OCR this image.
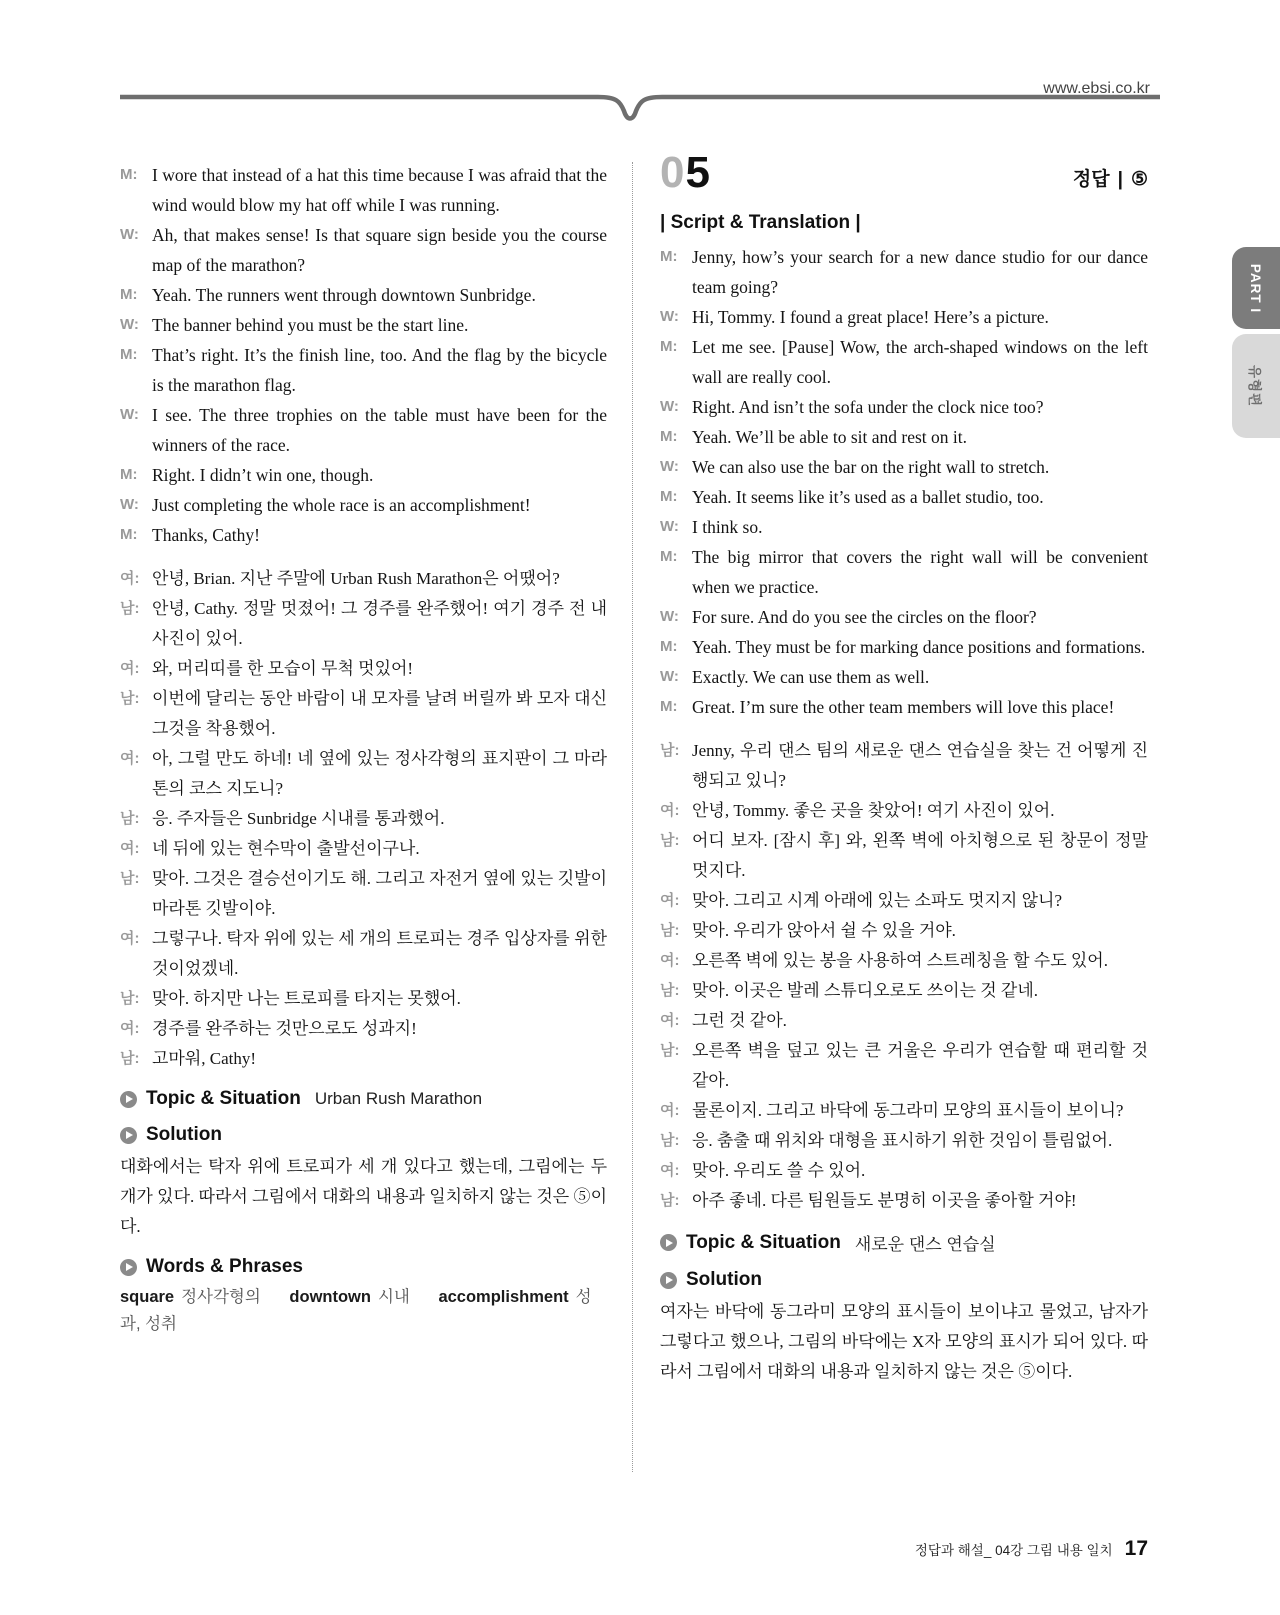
www.ebsi.co.kr
PART I
유형편
M: I wore that instead of a hat this time because I was afraid that the wind would blow my hat off while I was running.
W: Ah, that makes sense! Is that square sign beside you the course map of the marathon?
M: Yeah. The runners went through downtown Sunbridge.
W: The banner behind you must be the start line.
M: That’s right. It’s the finish line, too. And the flag by the bicycle is the marathon flag.
W: I see. The three trophies on the table must have been for the winners of the race.
M: Right. I didn’t win one, though.
W: Just completing the whole race is an accomplishment!
M: Thanks, Cathy!
여: 안녕, Brian. 지난 주말에 Urban Rush Marathon은 어땠어?
남: 안녕, Cathy. 정말 멋졌어! 그 경주를 완주했어! 여기 경주 전 내 사진이 있어.
여: 와, 머리띠를 한 모습이 무척 멋있어!
남: 이번에 달리는 동안 바람이 내 모자를 날려 버릴까 봐 모자 대신 그것을 착용했어.
여: 아, 그럴 만도 하네! 네 옆에 있는 정사각형의 표지판이 그 마라톤의 코스 지도니?
남: 응. 주자들은 Sunbridge 시내를 통과했어.
여: 네 뒤에 있는 현수막이 출발선이구나.
남: 맞아. 그것은 결승선이기도 해. 그리고 자전거 옆에 있는 깃발이 마라톤 깃발이야.
여: 그렇구나. 탁자 위에 있는 세 개의 트로피는 경주 입상자를 위한 것이었겠네.
남: 맞아. 하지만 나는 트로피를 타지는 못했어.
여: 경주를 완주하는 것만으로도 성과지!
남: 고마워, Cathy!
Topic & Situation Urban Rush Marathon
Solution
대화에서는 탁자 위에 트로피가 세 개 있다고 했는데, 그림에는 두 개가 있다. 따라서 그림에서 대화의 내용과 일치하지 않는 것은 ⑤이다.
Words & Phrases
square 정사각형의 downtown 시내 accomplishment 성과, 성취
05	정답 | ⑤
| Script & Translation |
M: Jenny, how’s your search for a new dance studio for our dance team going?
W: Hi, Tommy. I found a great place! Here’s a picture.
M: Let me see. [Pause] Wow, the arch-shaped windows on the left wall are really cool.
W: Right. And isn’t the sofa under the clock nice too?
M: Yeah. We’ll be able to sit and rest on it.
W: We can also use the bar on the right wall to stretch.
M: Yeah. It seems like it’s used as a ballet studio, too.
W: I think so.
M: The big mirror that covers the right wall will be convenient when we practice.
W: For sure. And do you see the circles on the floor?
M: Yeah. They must be for marking dance positions and formations.
W: Exactly. We can use them as well.
M: Great. I’m sure the other team members will love this place!
남: Jenny, 우리 댄스 팀의 새로운 댄스 연습실을 찾는 건 어떻게 진행되고 있니?
여: 안녕, Tommy. 좋은 곳을 찾았어! 여기 사진이 있어.
남: 어디 보자. [잠시 후] 와, 왼쪽 벽에 아치형으로 된 창문이 정말 멋지다.
여: 맞아. 그리고 시계 아래에 있는 소파도 멋지지 않니?
남: 맞아. 우리가 앉아서 쉴 수 있을 거야.
여: 오른쪽 벽에 있는 봉을 사용하여 스트레칭을 할 수도 있어.
남: 맞아. 이곳은 발레 스튜디오로도 쓰이는 것 같네.
여: 그런 것 같아.
남: 오른쪽 벽을 덮고 있는 큰 거울은 우리가 연습할 때 편리할 것 같아.
여: 물론이지. 그리고 바닥에 동그라미 모양의 표시들이 보이니?
남: 응. 춤출 때 위치와 대형을 표시하기 위한 것임이 틀림없어.
여: 맞아. 우리도 쓸 수 있어.
남: 아주 좋네. 다른 팀원들도 분명히 이곳을 좋아할 거야!
Topic & Situation 새로운 댄스 연습실
Solution
여자는 바닥에 동그라미 모양의 표시들이 보이냐고 물었고, 남자가 그렇다고 했으나, 그림의 바닥에는 X자 모양의 표시가 되어 있다. 따라서 그림에서 대화의 내용과 일치하지 않는 것은 ⑤이다.
정답과 해설_ 04강 그림 내용 일치 17
